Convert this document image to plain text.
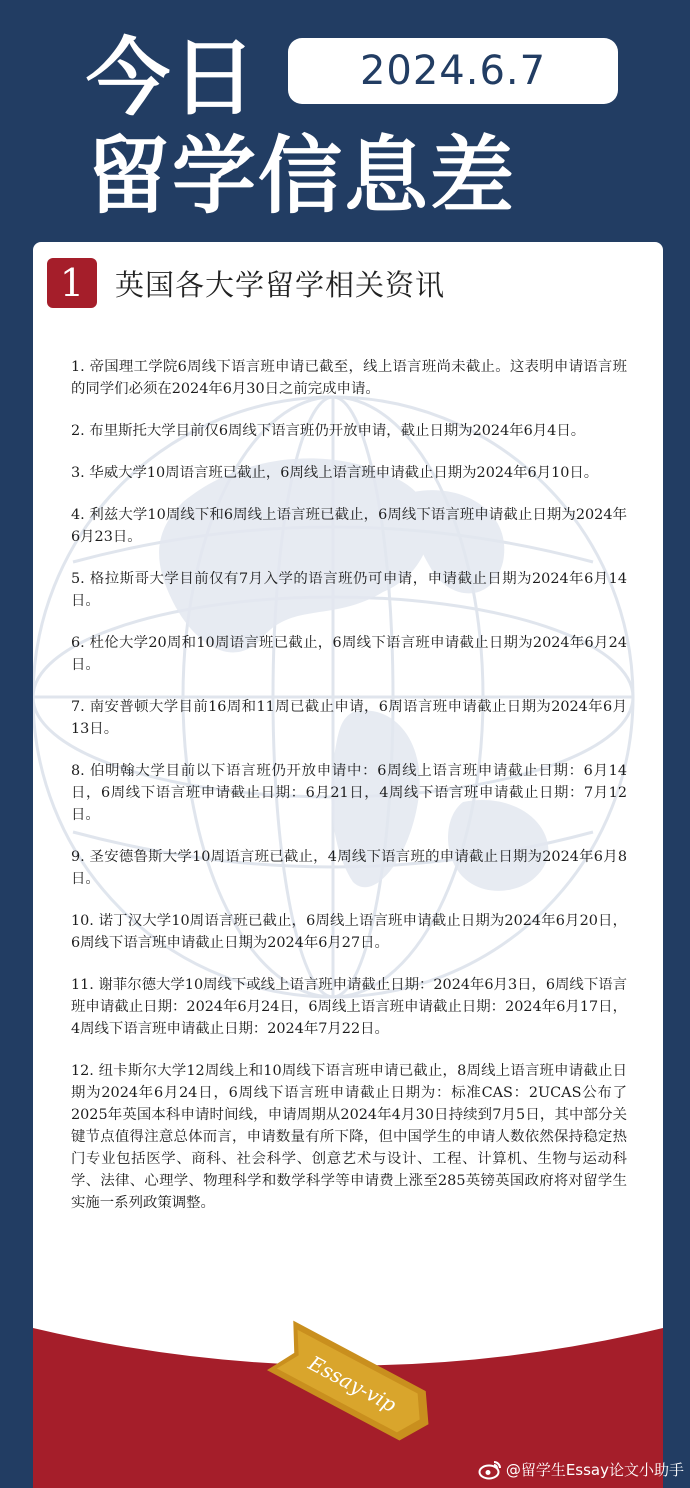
今日
留学信息差
2024.6.7
1	英国各大学留学相关资讯

1. 帝国理工学院6周线下语言班申请已截至，线上语言班尚未截止。这表明申请语言班的同学们必须在2024年6月30日之前完成申请。

2. 布里斯托大学目前仅6周线下语言班仍开放申请，截止日期为2024年6月4日。

3. 华威大学10周语言班已截止，6周线上语言班申请截止日期为2024年6月10日。

4. 利兹大学10周线下和6周线上语言班已截止，6周线下语言班申请截止日期为2024年6月23日。

5. 格拉斯哥大学目前仅有7月入学的语言班仍可申请，申请截止日期为2024年6月14日。

6. 杜伦大学20周和10周语言班已截止，6周线下语言班申请截止日期为2024年6月24日。

7. 南安普顿大学目前16周和11周已截止申请，6周语言班申请截止日期为2024年6月13日。

8. 伯明翰大学目前以下语言班仍开放申请中：6周线上语言班申请截止日期：6月14日，6周线下语言班申请截止日期：6月21日，4周线下语言班申请截止日期：7月12日。

9. 圣安德鲁斯大学10周语言班已截止，4周线下语言班的申请截止日期为2024年6月8日。

10. 诺丁汉大学10周语言班已截止，6周线上语言班申请截止日期为2024年6月20日，6周线下语言班申请截止日期为2024年6月27日。

11. 谢菲尔德大学10周线下或线上语言班申请截止日期：2024年6月3日，6周线下语言班申请截止日期：2024年6月24日，6周线上语言班申请截止日期：2024年6月17日，4周线下语言班申请截止日期：2024年7月22日。

12. 纽卡斯尔大学12周线上和10周线下语言班申请已截止，8周线上语言班申请截止日期为2024年6月24日，6周线下语言班申请截止日期为：标准CAS：2UCAS公布了2025年英国本科申请时间线，申请周期从2024年4月30日持续到7月5日，其中部分关键节点值得注意总体而言，申请数量有所下降，但中国学生的申请人数依然保持稳定热门专业包括医学、商科、社会科学、创意艺术与设计、工程、计算机、生物与运动科学、法律、心理学、物理科学和数学科学等申请费上涨至285英镑英国政府将对留学生实施一系列政策调整。

Essay-vip
@留学生Essay论文小助手
